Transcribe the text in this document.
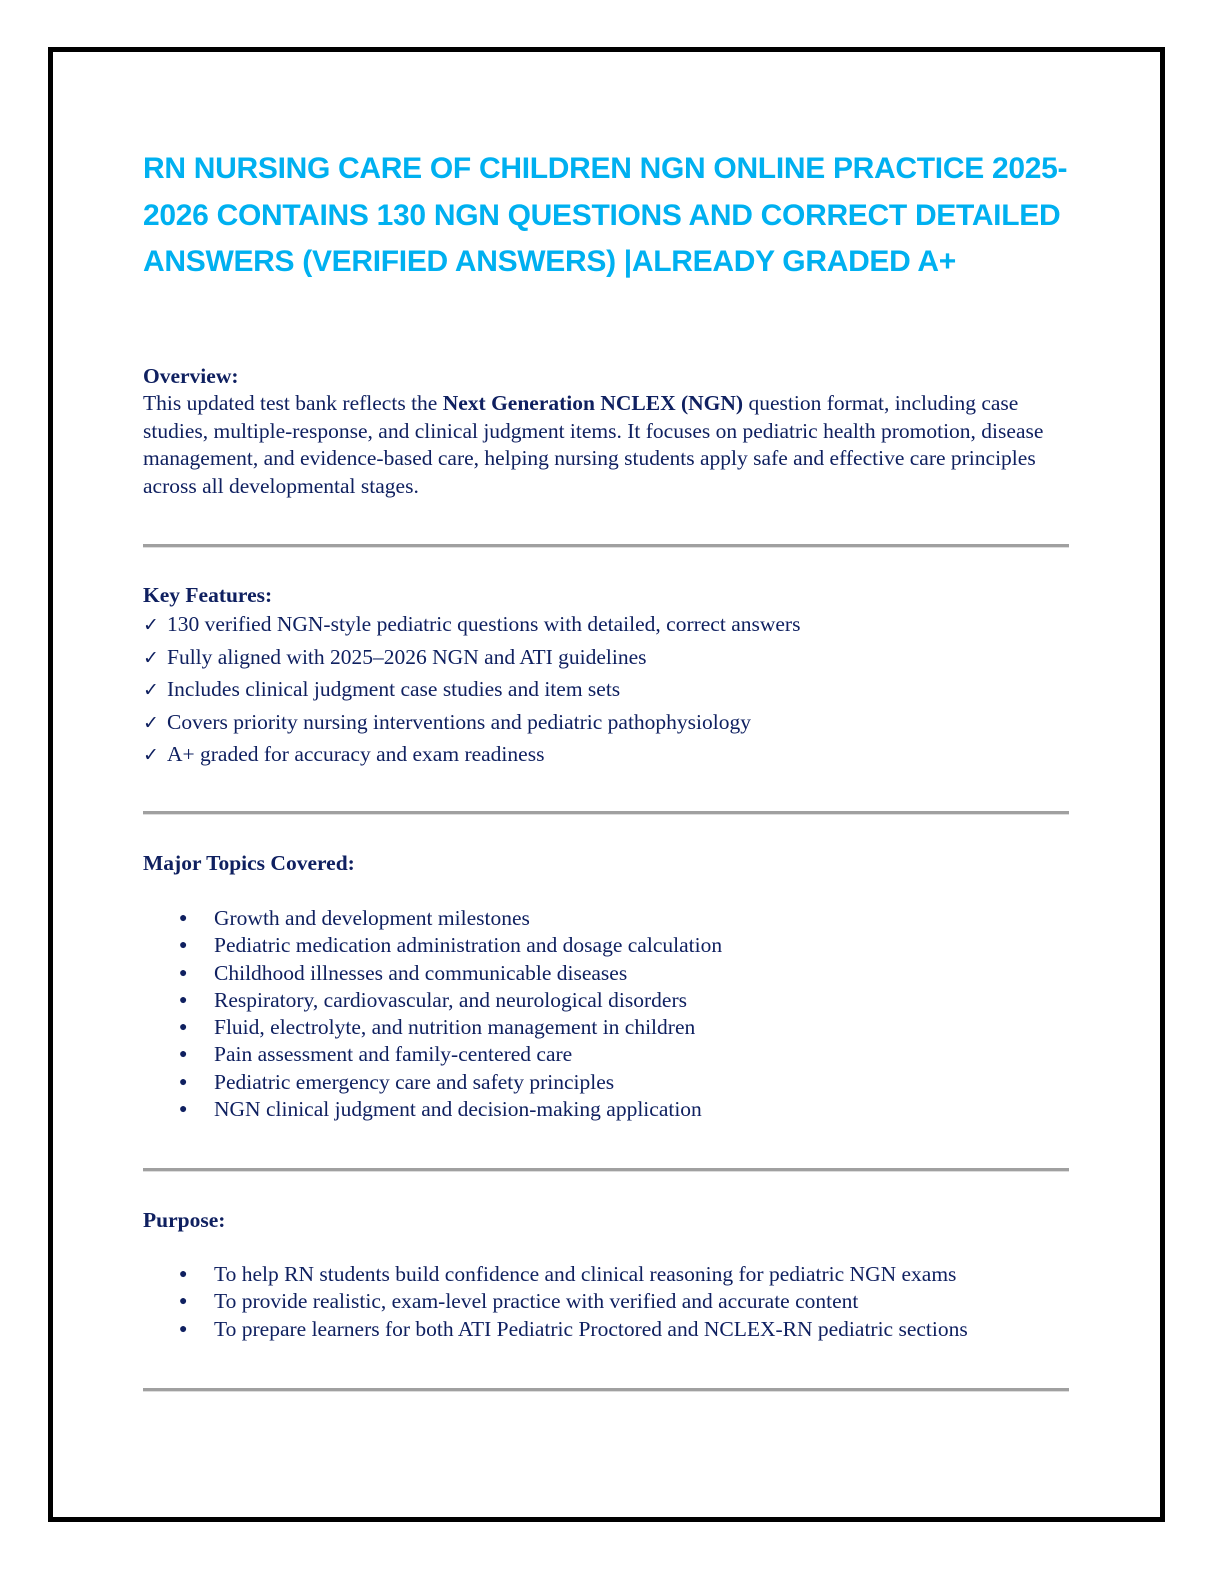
RN NURSING CARE OF CHILDREN NGN ONLINE PRACTICE 2025-2026 CONTAINS 130 NGN QUESTIONS AND CORRECT DETAILED ANSWERS (VERIFIED ANSWERS) |ALREADY GRADED A+

Overview:

This updated test bank reflects the Next Generation NCLEX (NGN) question format, including case studies, multiple-response, and clinical judgment items. It focuses on pediatric health promotion, disease management, and evidence-based care, helping nursing students apply safe and effective care principles across all developmental stages.

Key Features:

✓ 130 verified NGN-style pediatric questions with detailed, correct answers
✓ Fully aligned with 2025–2026 NGN and ATI guidelines
✓ Includes clinical judgment case studies and item sets
✓ Covers priority nursing interventions and pediatric pathophysiology
✓ A+ graded for accuracy and exam readiness

Major Topics Covered:

● Growth and development milestones
● Pediatric medication administration and dosage calculation
● Childhood illnesses and communicable diseases
● Respiratory, cardiovascular, and neurological disorders
● Fluid, electrolyte, and nutrition management in children
● Pain assessment and family-centered care
● Pediatric emergency care and safety principles
● NGN clinical judgment and decision-making application

Purpose:

● To help RN students build confidence and clinical reasoning for pediatric NGN exams
● To provide realistic, exam-level practice with verified and accurate content
● To prepare learners for both ATI Pediatric Proctored and NCLEX-RN pediatric sections
